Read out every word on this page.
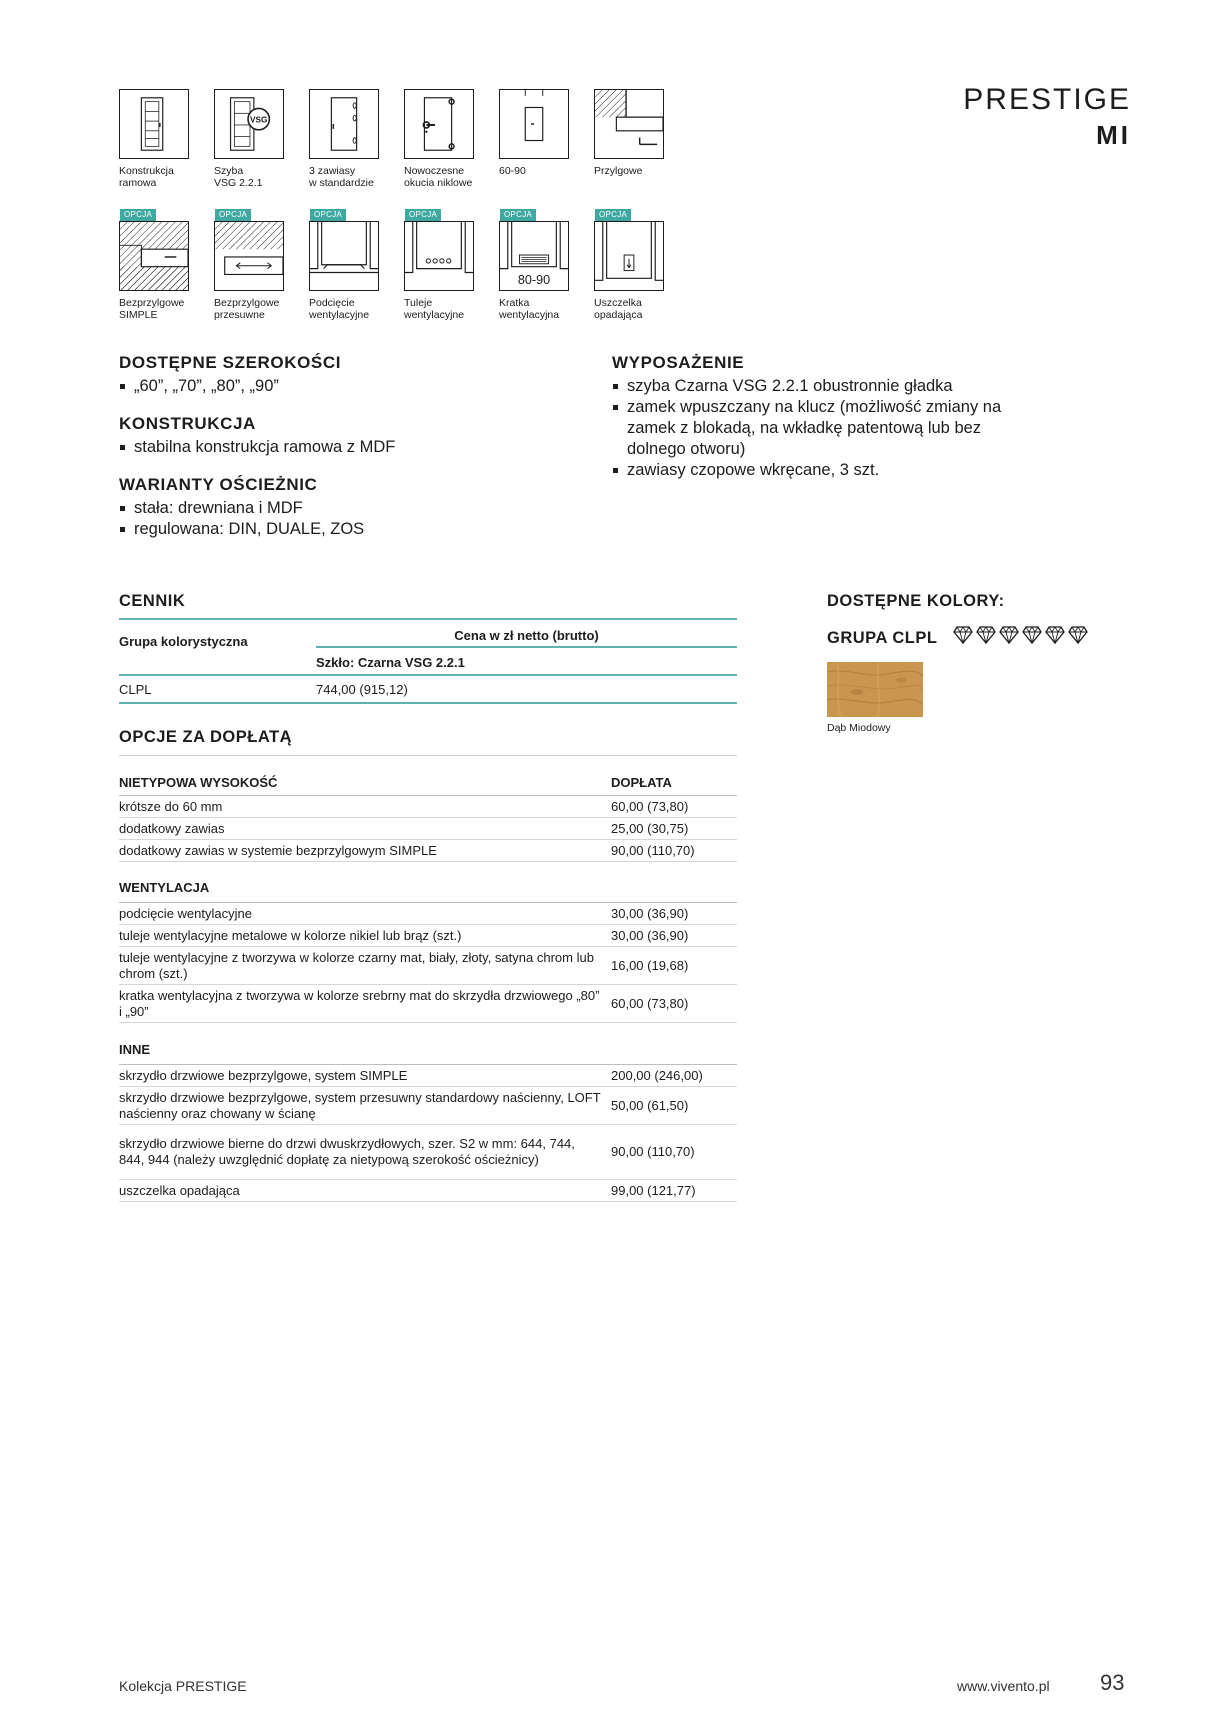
PRESTIGE
MI
Konstrukcja
ramowa
VSG
Szyba
VSG 2.2.1
3 zawiasy
w standardzie
Nowoczesne
okucia niklowe
60-90	Przylgowe
OPCJA
Bezprzylgowe
SIMPLE
OPCJA
Bezprzylgowe
przesuwne
OPCJA
Podcięcie
wentylacyjne
OPCJA
Tuleje
wentylacyjne
OPCJA
80-90
Kratka
wentylacyjna
OPCJA
Uszczelka
opadająca
DOSTĘPNE SZEROKOŚCI
„60”, „70”, „80”, „90”
KONSTRUKCJA
stabilna konstrukcja ramowa z MDF
WARIANTY OŚCIEŻNIC
stała: drewniana i MDF
regulowana: DIN, DUALE, ZOS
WYPOSAŻENIE
szyba Czarna VSG 2.2.1 obustronnie gładka
zamek wpuszczany na klucz (możliwość zmiany na zamek z blokadą, na wkładkę patentową lub bez dolnego otworu)
zawiasy czopowe wkręcane, 3 szt.
CENNIK
Grupa kolorystyczna	Cena w zł netto (brutto)
Szkło: Czarna VSG 2.2.1
CLPL	744,00 (915,12)
OPCJE ZA DOPŁATĄ
NIETYPOWA WYSOKOŚĆ	DOPŁATA
krótsze do 60 mm	60,00 (73,80)
dodatkowy zawias	25,00 (30,75)
dodatkowy zawias w systemie bezprzylgowym SIMPLE	90,00 (110,70)
WENTYLACJA
podcięcie wentylacyjne	30,00 (36,90)
tuleje wentylacyjne metalowe w kolorze nikiel lub brąz (szt.)	30,00 (36,90)
tuleje wentylacyjne z tworzywa w kolorze czarny mat, biały, złoty, satyna chrom lub chrom (szt.)
16,00 (19,68)
kratka wentylacyjna z tworzywa w kolorze srebrny mat do skrzydła drzwiowego „80” i „90”
60,00 (73,80)
INNE
skrzydło drzwiowe bezprzylgowe, system SIMPLE	200,00 (246,00)
skrzydło drzwiowe bezprzylgowe, system przesuwny standardowy naścienny, LOFT naścienny oraz chowany w ścianę
50,00 (61,50)
skrzydło drzwiowe bierne do drzwi dwuskrzydłowych, szer. S2 w mm: 644, 744, 844, 944 (należy uwzględnić dopłatę za nietypową szerokość ościeżnicy)
90,00 (110,70)
uszczelka opadająca	99,00 (121,77)
DOSTĘPNE KOLORY:
GRUPA CLPL
Dąb Miodowy
Kolekcja PRESTIGE	www.vivento.pl 93
